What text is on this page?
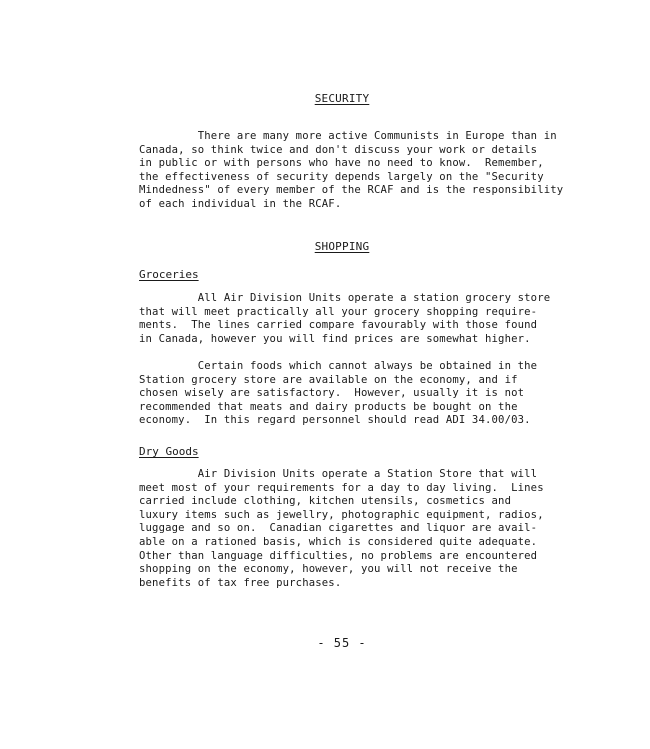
SECURITY
There are many more active Communists in Europe than in
Canada, so think twice and don't discuss your work or details
in public or with persons who have no need to know.  Remember,
the effectiveness of security depends largely on the "Security
Mindedness" of every member of the RCAF and is the responsibility
of each individual in the RCAF.
SHOPPING
Groceries
All Air Division Units operate a station grocery store
that will meet practically all your grocery shopping require-
ments.  The lines carried compare favourably with those found
in Canada, however you will find prices are somewhat higher.
Certain foods which cannot always be obtained in the
Station grocery store are available on the economy, and if
chosen wisely are satisfactory.  However, usually it is not
recommended that meats and dairy products be bought on the
economy.  In this regard personnel should read ADI 34.00/03.
Dry Goods
Air Division Units operate a Station Store that will
meet most of your requirements for a day to day living.  Lines
carried include clothing, kitchen utensils, cosmetics and
luxury items such as jewellry, photographic equipment, radios,
luggage and so on.  Canadian cigarettes and liquor are avail-
able on a rationed basis, which is considered quite adequate.
Other than language difficulties, no problems are encountered
shopping on the economy, however, you will not receive the
benefits of tax free purchases.

- 55 -
